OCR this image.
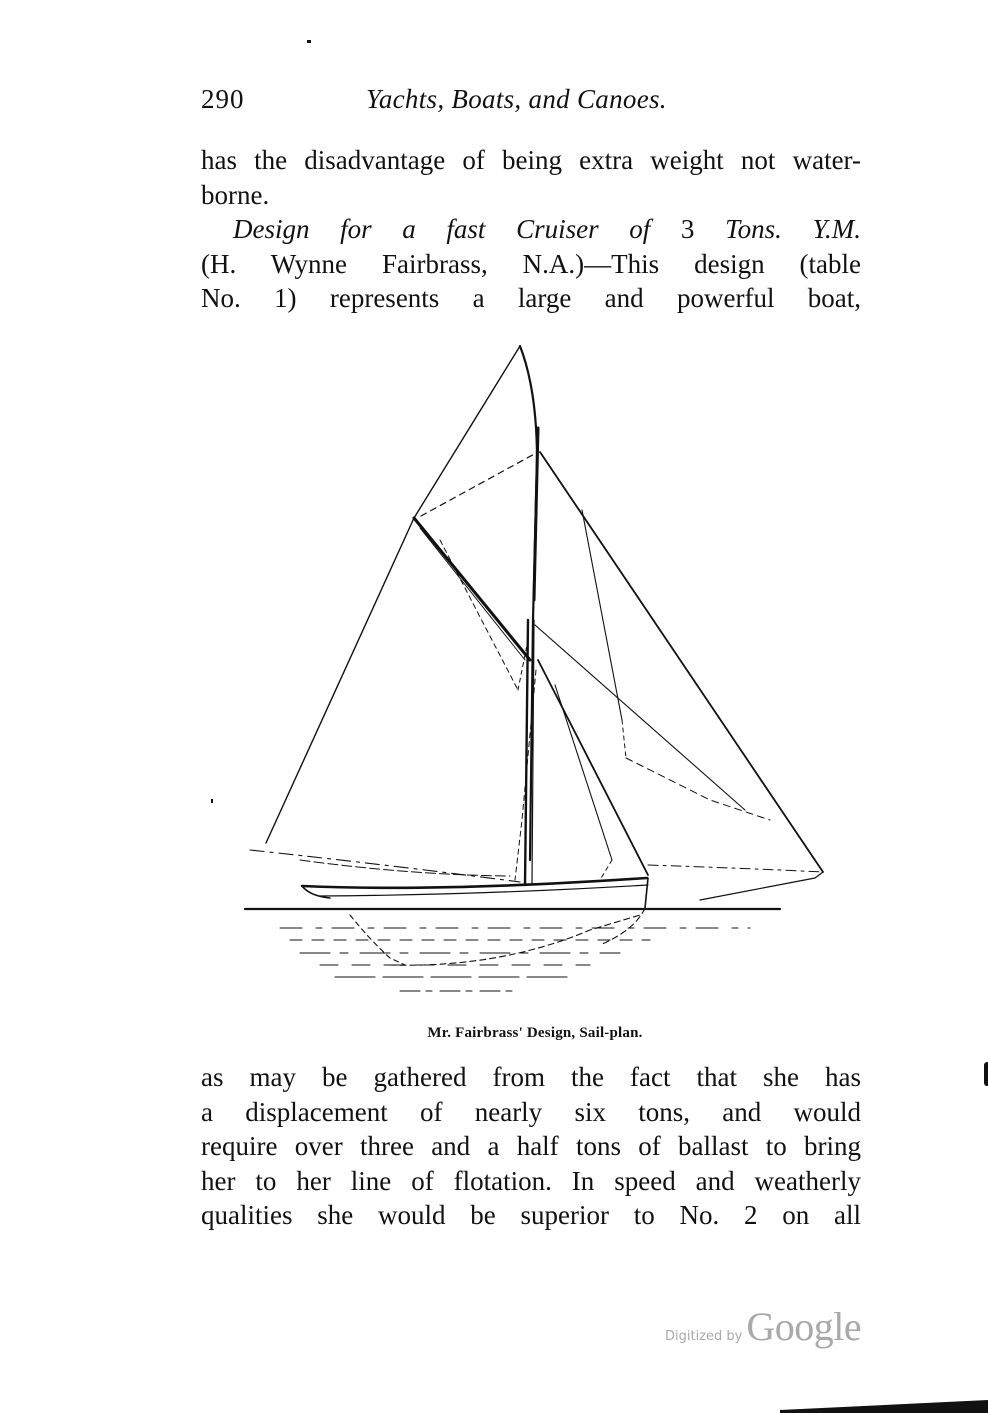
290	Yachts, Boats, and Canoes.
has the disadvantage of being extra weight not water-
borne.
Design for a fast Cruiser of 3 Tons. Y.M.
(H. Wynne Fairbrass, N.A.)—This design (table
No. 1) represents a large and powerful boat,
Mr. Fairbrass' Design, Sail-plan.
as may be gathered from the fact that she has
a displacement of nearly six tons, and would
require over three and a half tons of ballast to bring
her to her line of flotation. In speed and weatherly
qualities she would be superior to No. 2 on all
Digitized by Google
